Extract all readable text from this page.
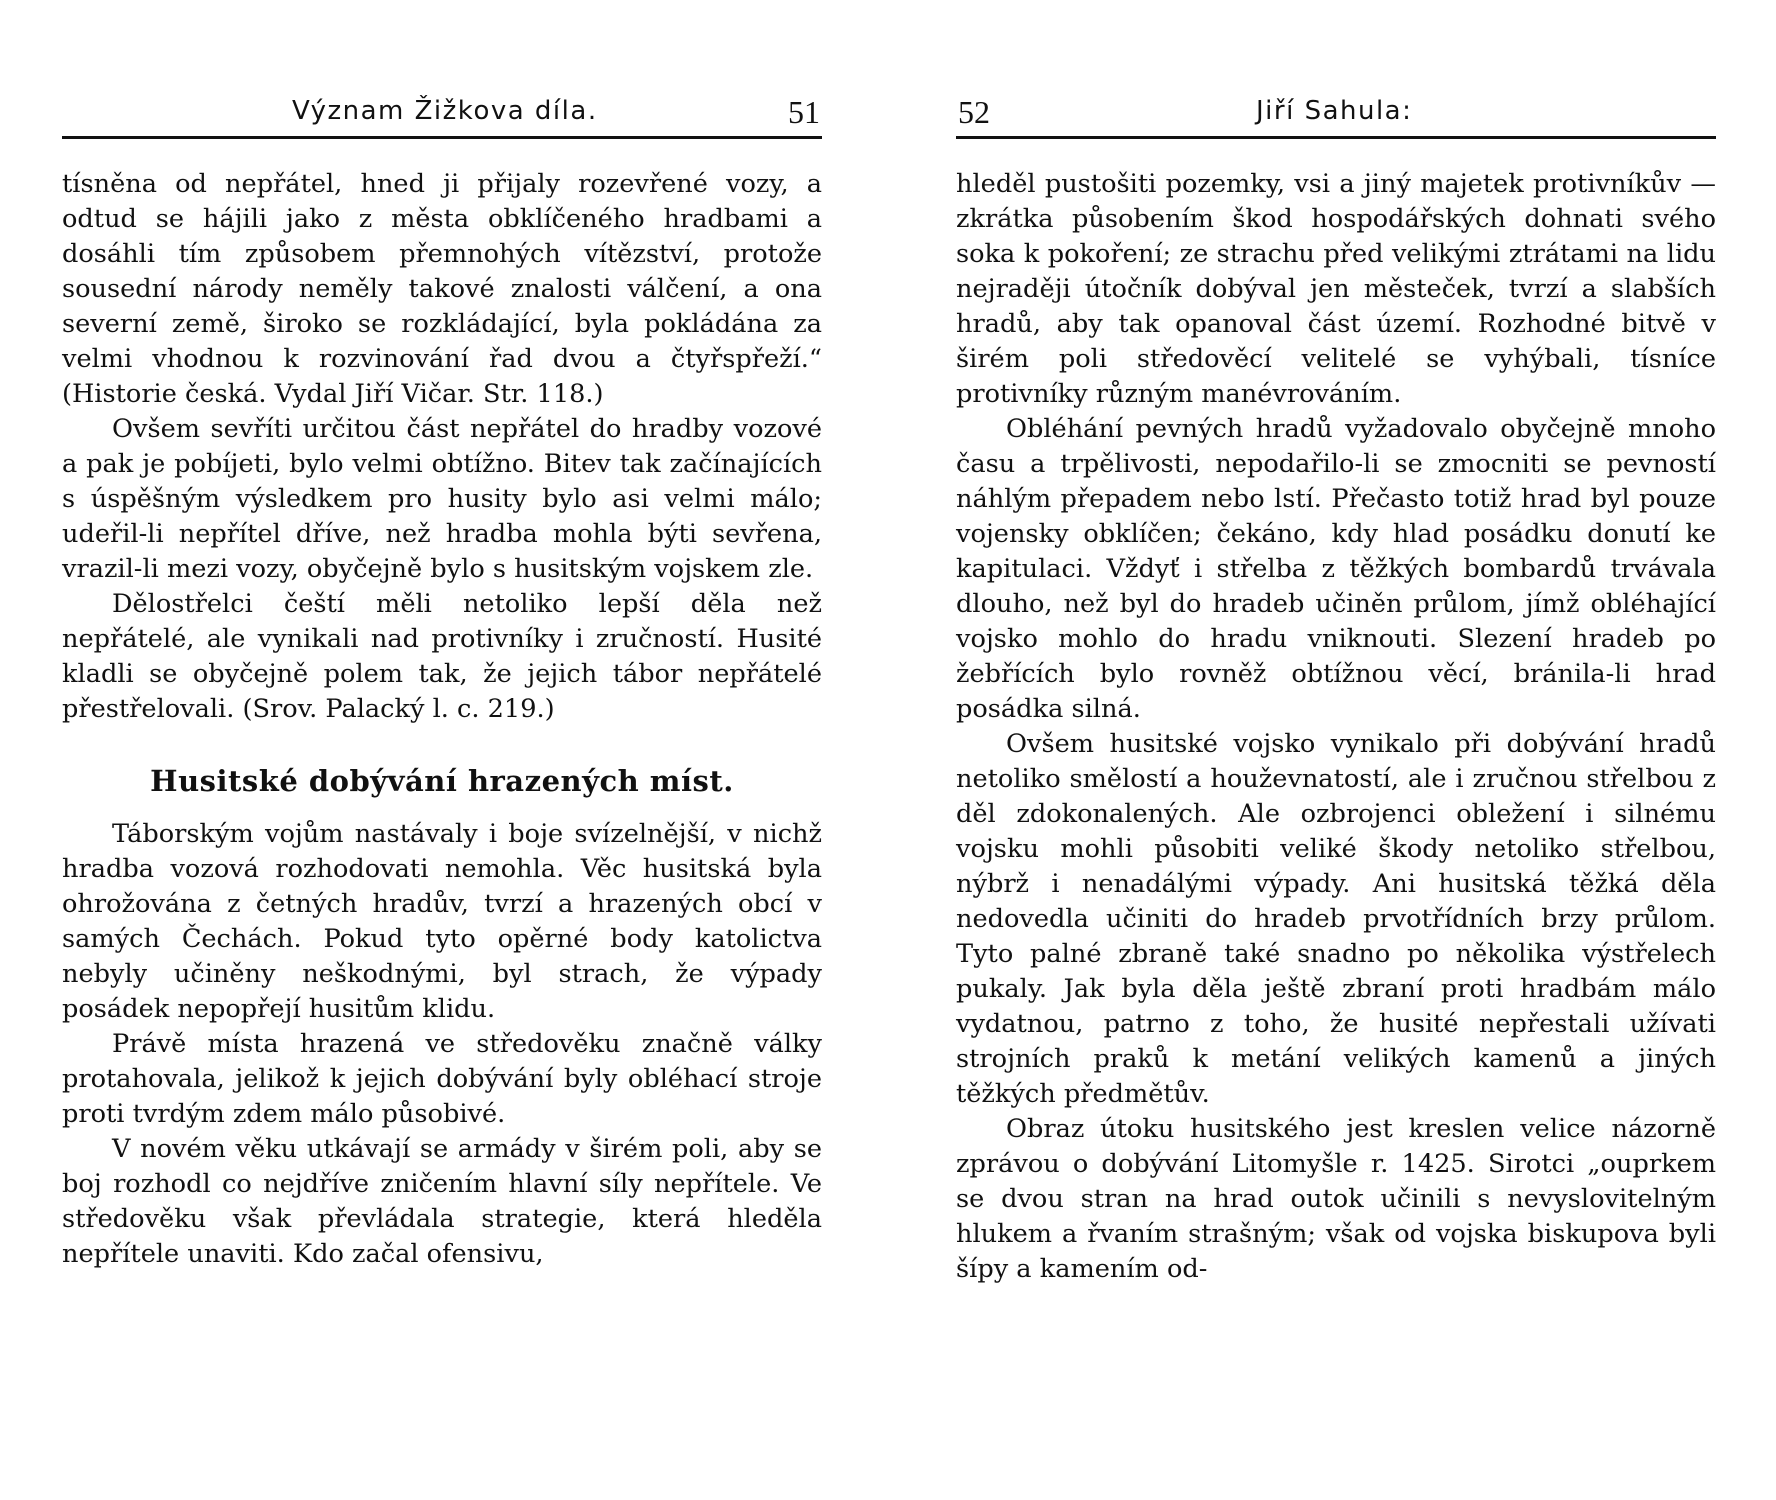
Význam Žižkova díla.	51

tísněna od nepřátel, hned ji přijaly rozevřené vozy, a odtud se hájili jako z města obklíčeného hradbami a dosáhli tím způsobem přemnohých vítězství, protože sousední národy neměly takové znalosti válčení, a ona severní země, široko se rozkládající, byla pokládána za velmi vhodnou k rozvinování řad dvou a čtyřspřeží.“ (Historie česká. Vydal Jiří Vičar. Str. 118.)

Ovšem sevříti určitou část nepřátel do hradby vozové a pak je pobíjeti, bylo velmi obtížno. Bitev tak začínajících s úspěšným výsledkem pro husity bylo asi velmi málo; udeřil-li nepřítel dříve, než hradba mohla býti sevřena, vrazil-li mezi vozy, obyčejně bylo s husitským vojskem zle.

Dělostřelci čeští měli netoliko lepší děla než nepřátelé, ale vynikali nad protivníky i zručností. Husité kladli se obyčejně polem tak, že jejich tábor nepřátelé přestřelovali. (Srov. Palacký l. c. 219.)

Husitské dobývání hrazených míst.

Táborským vojům nastávaly i boje svízelnější, v nichž hradba vozová rozhodovati nemohla. Věc husitská byla ohrožována z četných hradův, tvrzí a hrazených obcí v samých Čechách. Pokud tyto opěrné body katolictva nebyly učiněny neškodnými, byl strach, že výpady posádek nepopřejí husitům klidu.

Právě místa hrazená ve středověku značně války protahovala, jelikož k jejich dobývání byly obléhací stroje proti tvrdým zdem málo působivé.

V novém věku utkávají se armády v širém poli, aby se boj rozhodl co nejdříve zničením hlavní síly nepřítele. Ve středověku však převládala strategie, která hleděla nepřítele unaviti. Kdo začal ofensivu,

52	Jiří Sahula:

hleděl pustošiti pozemky, vsi a jiný majetek protivníkův — zkrátka působením škod hospodářských dohnati svého soka k pokoření; ze strachu před velikými ztrátami na lidu nejraději útočník dobýval jen městeček, tvrzí a slabších hradů, aby tak opanoval část území. Rozhodné bitvě v širém poli středověcí velitelé se vyhýbali, tísníce protivníky různým manévrováním.

Obléhání pevných hradů vyžadovalo obyčejně mnoho času a trpělivosti, nepodařilo-li se zmocniti se pevností náhlým přepadem nebo lstí. Přečasto totiž hrad byl pouze vojensky obklíčen; čekáno, kdy hlad posádku donutí ke kapitulaci. Vždyť i střelba z těžkých bombardů trvávala dlouho, než byl do hradeb učiněn průlom, jímž obléhající vojsko mohlo do hradu vniknouti. Slezení hradeb po žebřících bylo rovněž obtížnou věcí, bránila-li hrad posádka silná.

Ovšem husitské vojsko vynikalo při dobývání hradů netoliko smělostí a houževnatostí, ale i zručnou střelbou z děl zdokonalených. Ale ozbrojenci obležení i silnému vojsku mohli působiti veliké škody netoliko střelbou, nýbrž i nenadálými výpady. Ani husitská těžká děla nedovedla učiniti do hradeb prvotřídních brzy průlom. Tyto palné zbraně také snadno po několika výstřelech pukaly. Jak byla děla ještě zbraní proti hradbám málo vydatnou, patrno z toho, že husité nepřestali užívati strojních praků k metání velikých kamenů a jiných těžkých předmětův.

Obraz útoku husitského jest kreslen velice názorně zprávou o dobývání Litomyšle r. 1425. Sirotci „ouprkem se dvou stran na hrad outok učinili s nevyslovitelným hlukem a řvaním strašným; však od vojska biskupova byli šípy a kamením od-
